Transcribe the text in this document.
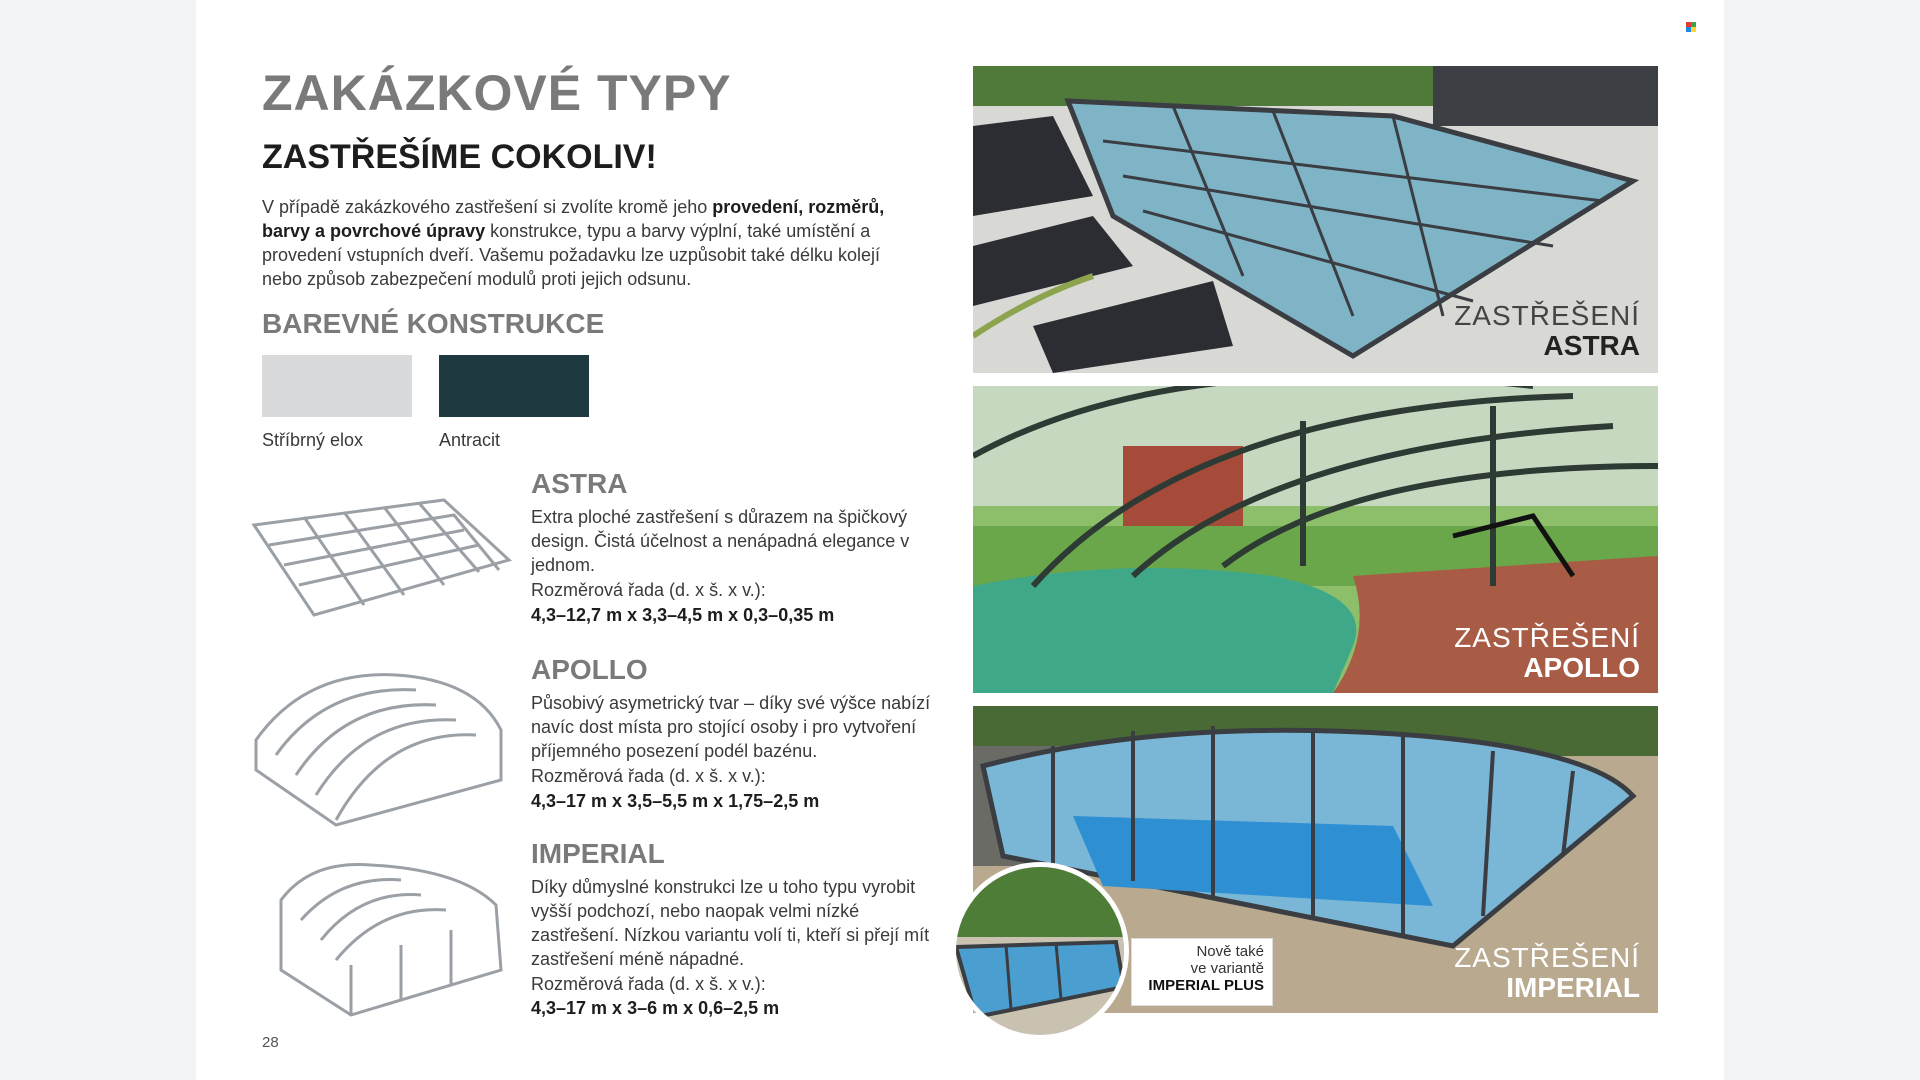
ZAKÁZKOVÉ TYPY
ZASTŘEŠÍME COKOLIV!
V případě zakázkového zastřešení si zvolíte kromě jeho provedení, rozměrů, barvy a povrchové úpravy konstrukce, typu a barvy výplní, také umístění a provedení vstupních dveří. Vašemu požadavku lze uzpůsobit také délku kolejí nebo způsob zabezpečení modulů proti jejich odsunu.
BAREVNÉ KONSTRUKCE
Stříbrný elox	Antracit
ASTRA
Extra ploché zastřešení s důrazem na špičkový design. Čistá účelnost a nenápadná elegance v jednom.
Rozměrová řada (d. x š. x v.):
4,3–12,7 m x 3,3–4,5 m x 0,3–0,35 m
APOLLO
Působivý asymetrický tvar – díky své výšce nabízí navíc dost místa pro stojící osoby i pro vytvoření příjemného posezení podél bazénu.
Rozměrová řada (d. x š. x v.):
4,3–17 m x 3,5–5,5 m x 1,75–2,5 m
IMPERIAL
Díky důmyslné konstrukci lze u toho typu vyrobit vyšší podchozí, nebo naopak velmi nízké zastřešení. Nízkou variantu volí ti, kteří si přejí mít zastřešení méně nápadné.
Rozměrová řada (d. x š. x v.):
4,3–17 m x 3–6 m x 0,6–2,5 m
ZASTŘEŠENÍ
ASTRA
ZASTŘEŠENÍ
APOLLO
ZASTŘEŠENÍ
IMPERIAL
Nově také
ve variantě
IMPERIAL PLUS
28
